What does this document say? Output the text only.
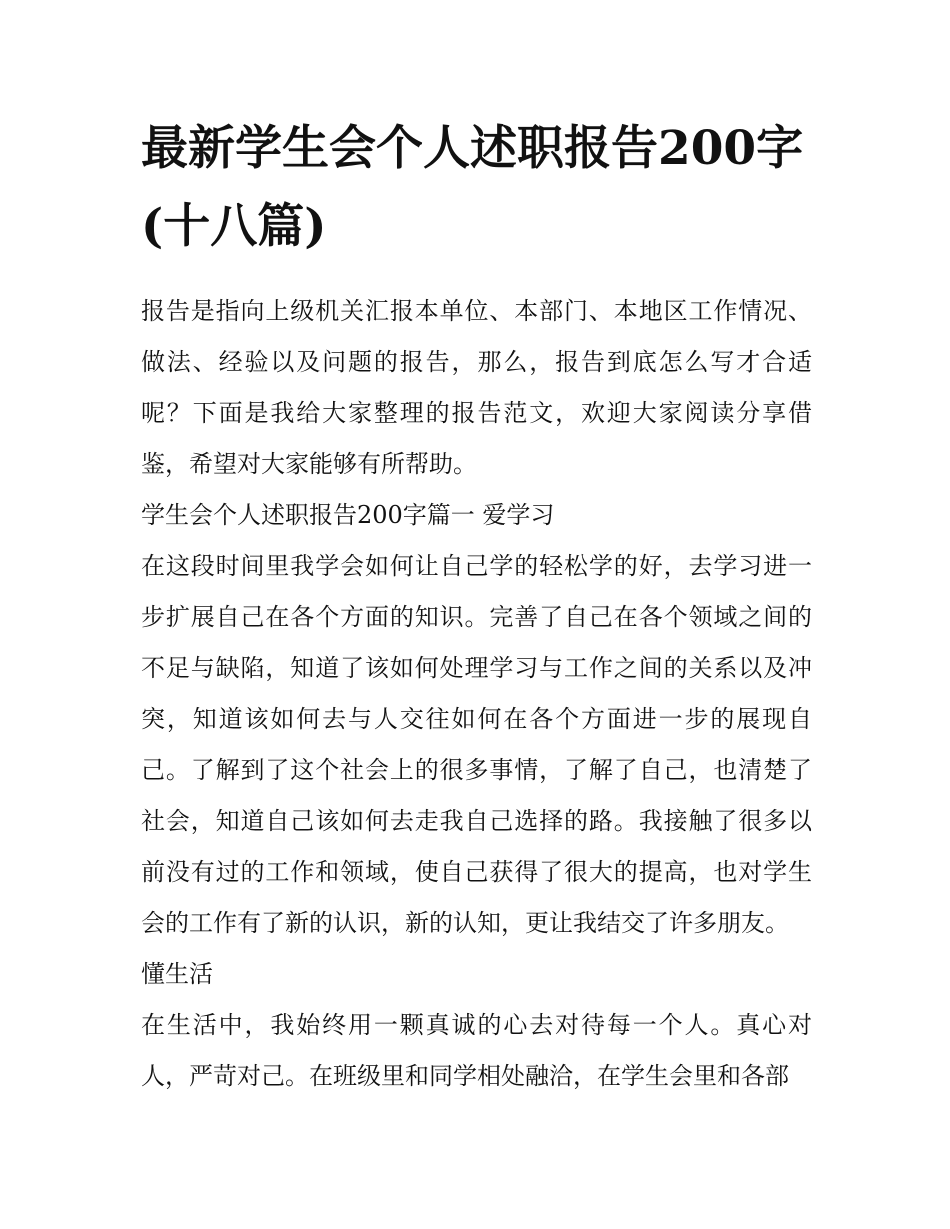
最新学生会个人述职报告200字(十八篇)

报告是指向上级机关汇报本单位、本部门、本地区工作情况、做法、经验以及问题的报告，那么，报告到底怎么写才合适呢？下面是我给大家整理的报告范文，欢迎大家阅读分享借鉴，希望对大家能够有所帮助。

学生会个人述职报告200字篇一 爱学习

在这段时间里我学会如何让自己学的轻松学的好，去学习进一步扩展自己在各个方面的知识。完善了自己在各个领域之间的不足与缺陷，知道了该如何处理学习与工作之间的关系以及冲突，知道该如何去与人交往如何在各个方面进一步的展现自己。了解到了这个社会上的很多事情，了解了自己，也清楚了社会，知道自己该如何去走我自己选择的路。我接触了很多以前没有过的工作和领域，使自己获得了很大的提高，也对学生会的工作有了新的认识，新的认知，更让我结交了许多朋友。

懂生活

在生活中，我始终用一颗真诚的心去对待每一个人。真心对人，严苛对己。在班级里和同学相处融洽，在学生会里和各部
